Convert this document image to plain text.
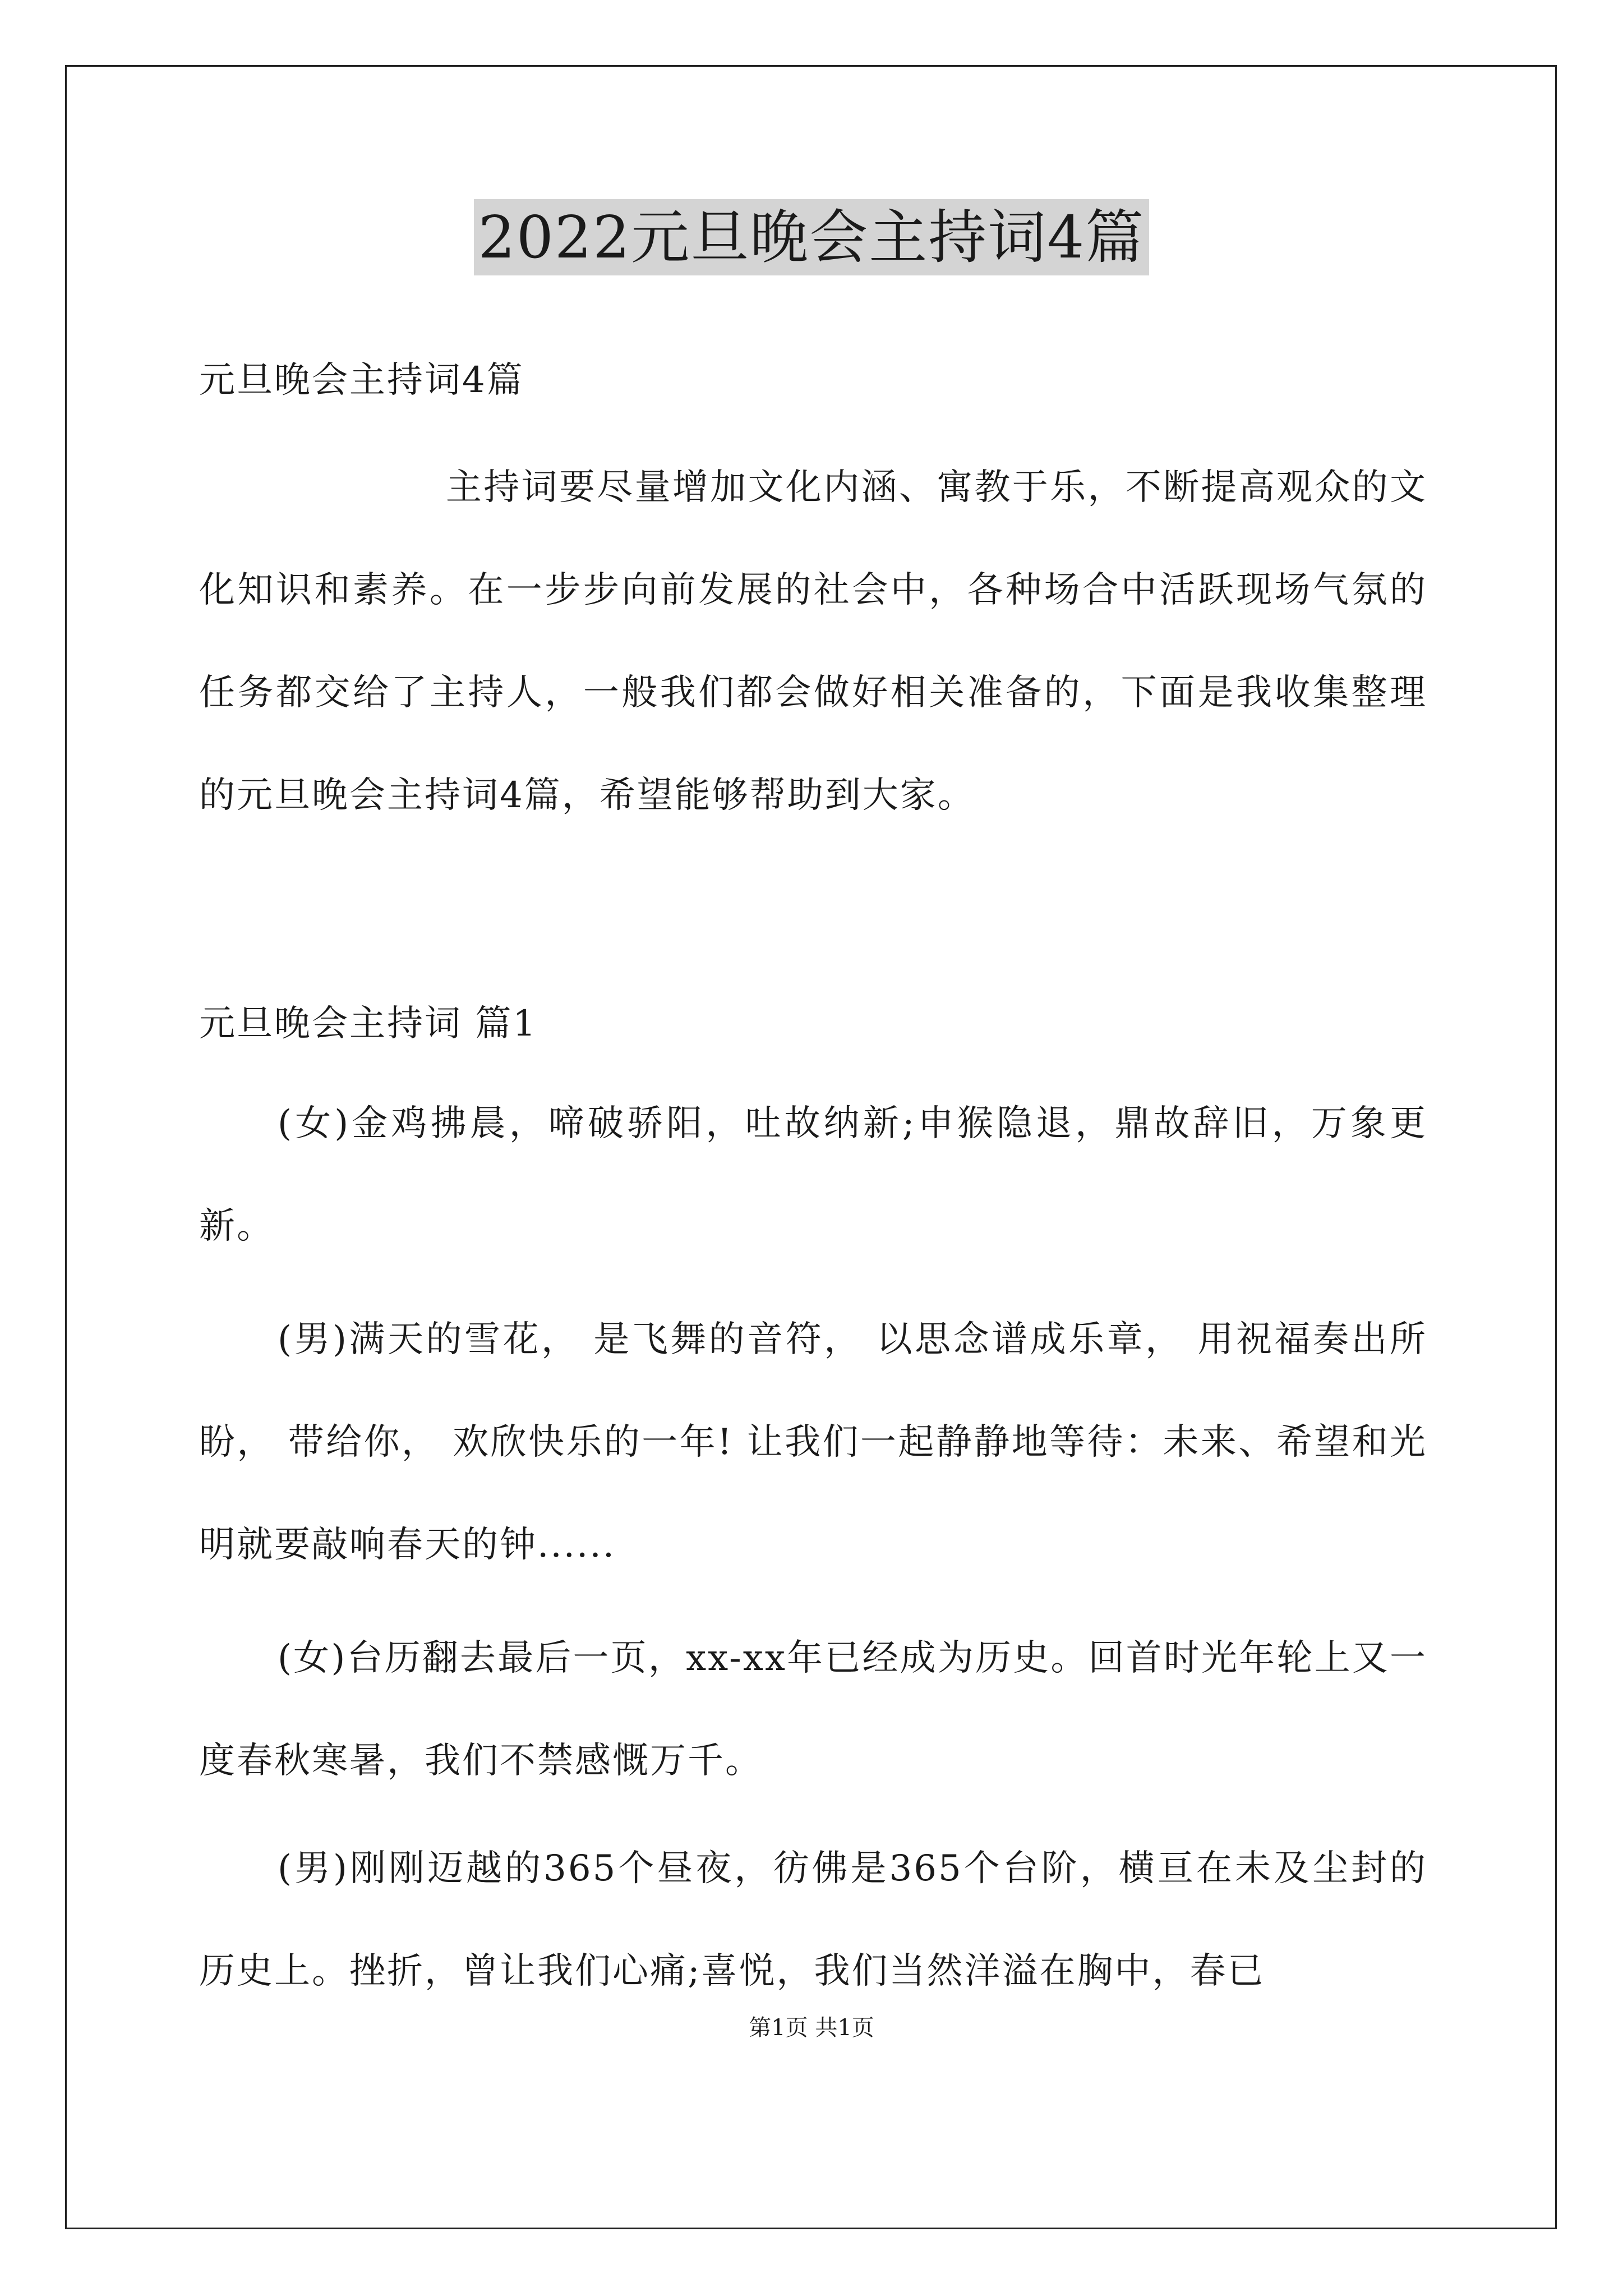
2022元旦晚会主持词4篇

元旦晚会主持词4篇

主持词要尽量增加文化内涵、寓教于乐，不断提高观众的文化知识和素养。在一步步向前发展的社会中，各种场合中活跃现场气氛的任务都交给了主持人，一般我们都会做好相关准备的，下面是我收集整理的元旦晚会主持词4篇，希望能够帮助到大家。

元旦晚会主持词 篇1

(女)金鸡拂晨，啼破骄阳，吐故纳新;申猴隐退，鼎故辞旧，万象更新。

(男)满天的雪花， 是飞舞的音符， 以思念谱成乐章， 用祝福奏出所盼， 带给你， 欢欣快乐的一年! 让我们一起静静地等待：未来、希望和光明就要敲响春天的钟......

(女)台历翻去最后一页，xx-xx年已经成为历史。回首时光年轮上又一度春秋寒暑，我们不禁感慨万千。

(男)刚刚迈越的365个昼夜，彷佛是365个台阶，横亘在未及尘封的历史上。挫折，曾让我们心痛;喜悦，我们当然洋溢在胸中，春已

第1页 共1页
